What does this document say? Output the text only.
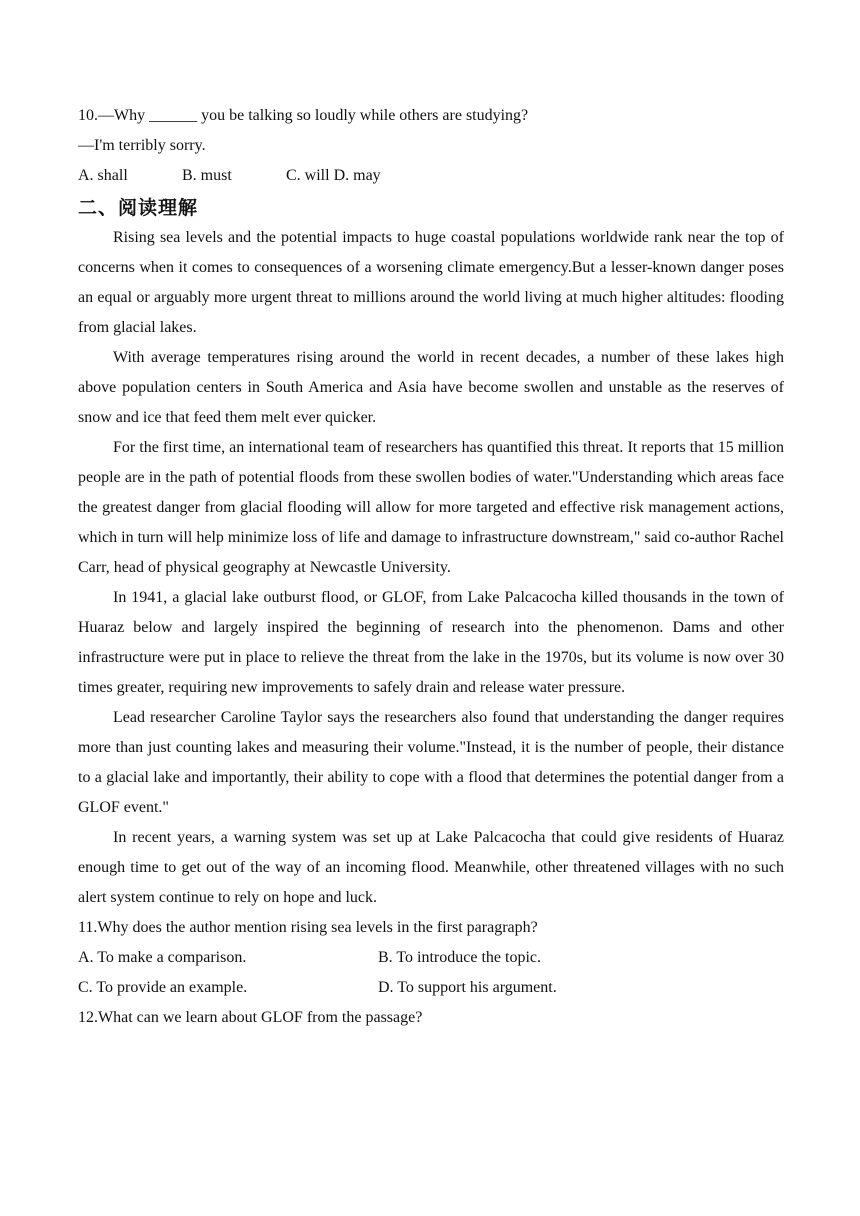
10.—Why ______ you be talking so loudly while others are studying?
—I'm terribly sorry.
A. shall	B. must	C. will D. may
二、阅读理解

Rising sea levels and the potential impacts to huge coastal populations worldwide rank near the top of concerns when it comes to consequences of a worsening climate emergency.But a lesser-known danger poses an equal or arguably more urgent threat to millions around the world living at much higher altitudes: flooding from glacial lakes.

With average temperatures rising around the world in recent decades, a number of these lakes high above population centers in South America and Asia have become swollen and unstable as the reserves of snow and ice that feed them melt ever quicker.

For the first time, an international team of researchers has quantified this threat. It reports that 15 million people are in the path of potential floods from these swollen bodies of water."Understanding which areas face the greatest danger from glacial flooding will allow for more targeted and effective risk management actions, which in turn will help minimize loss of life and damage to infrastructure downstream," said co-author Rachel Carr, head of physical geography at Newcastle University.

In 1941, a glacial lake outburst flood, or GLOF, from Lake Palcacocha killed thousands in the town of Huaraz below and largely inspired the beginning of research into the phenomenon. Dams and other infrastructure were put in place to relieve the threat from the lake in the 1970s, but its volume is now over 30 times greater, requiring new improvements to safely drain and release water pressure.

Lead researcher Caroline Taylor says the researchers also found that understanding the danger requires more than just counting lakes and measuring their volume."Instead, it is the number of people, their distance to a glacial lake and importantly, their ability to cope with a flood that determines the potential danger from a GLOF event."

In recent years, a warning system was set up at Lake Palcacocha that could give residents of Huaraz enough time to get out of the way of an incoming flood. Meanwhile, other threatened villages with no such alert system continue to rely on hope and luck.

11.Why does the author mention rising sea levels in the first paragraph?
A. To make a comparison.	B. To introduce the topic.
C. To provide an example.	D. To support his argument.
12.What can we learn about GLOF from the passage?
